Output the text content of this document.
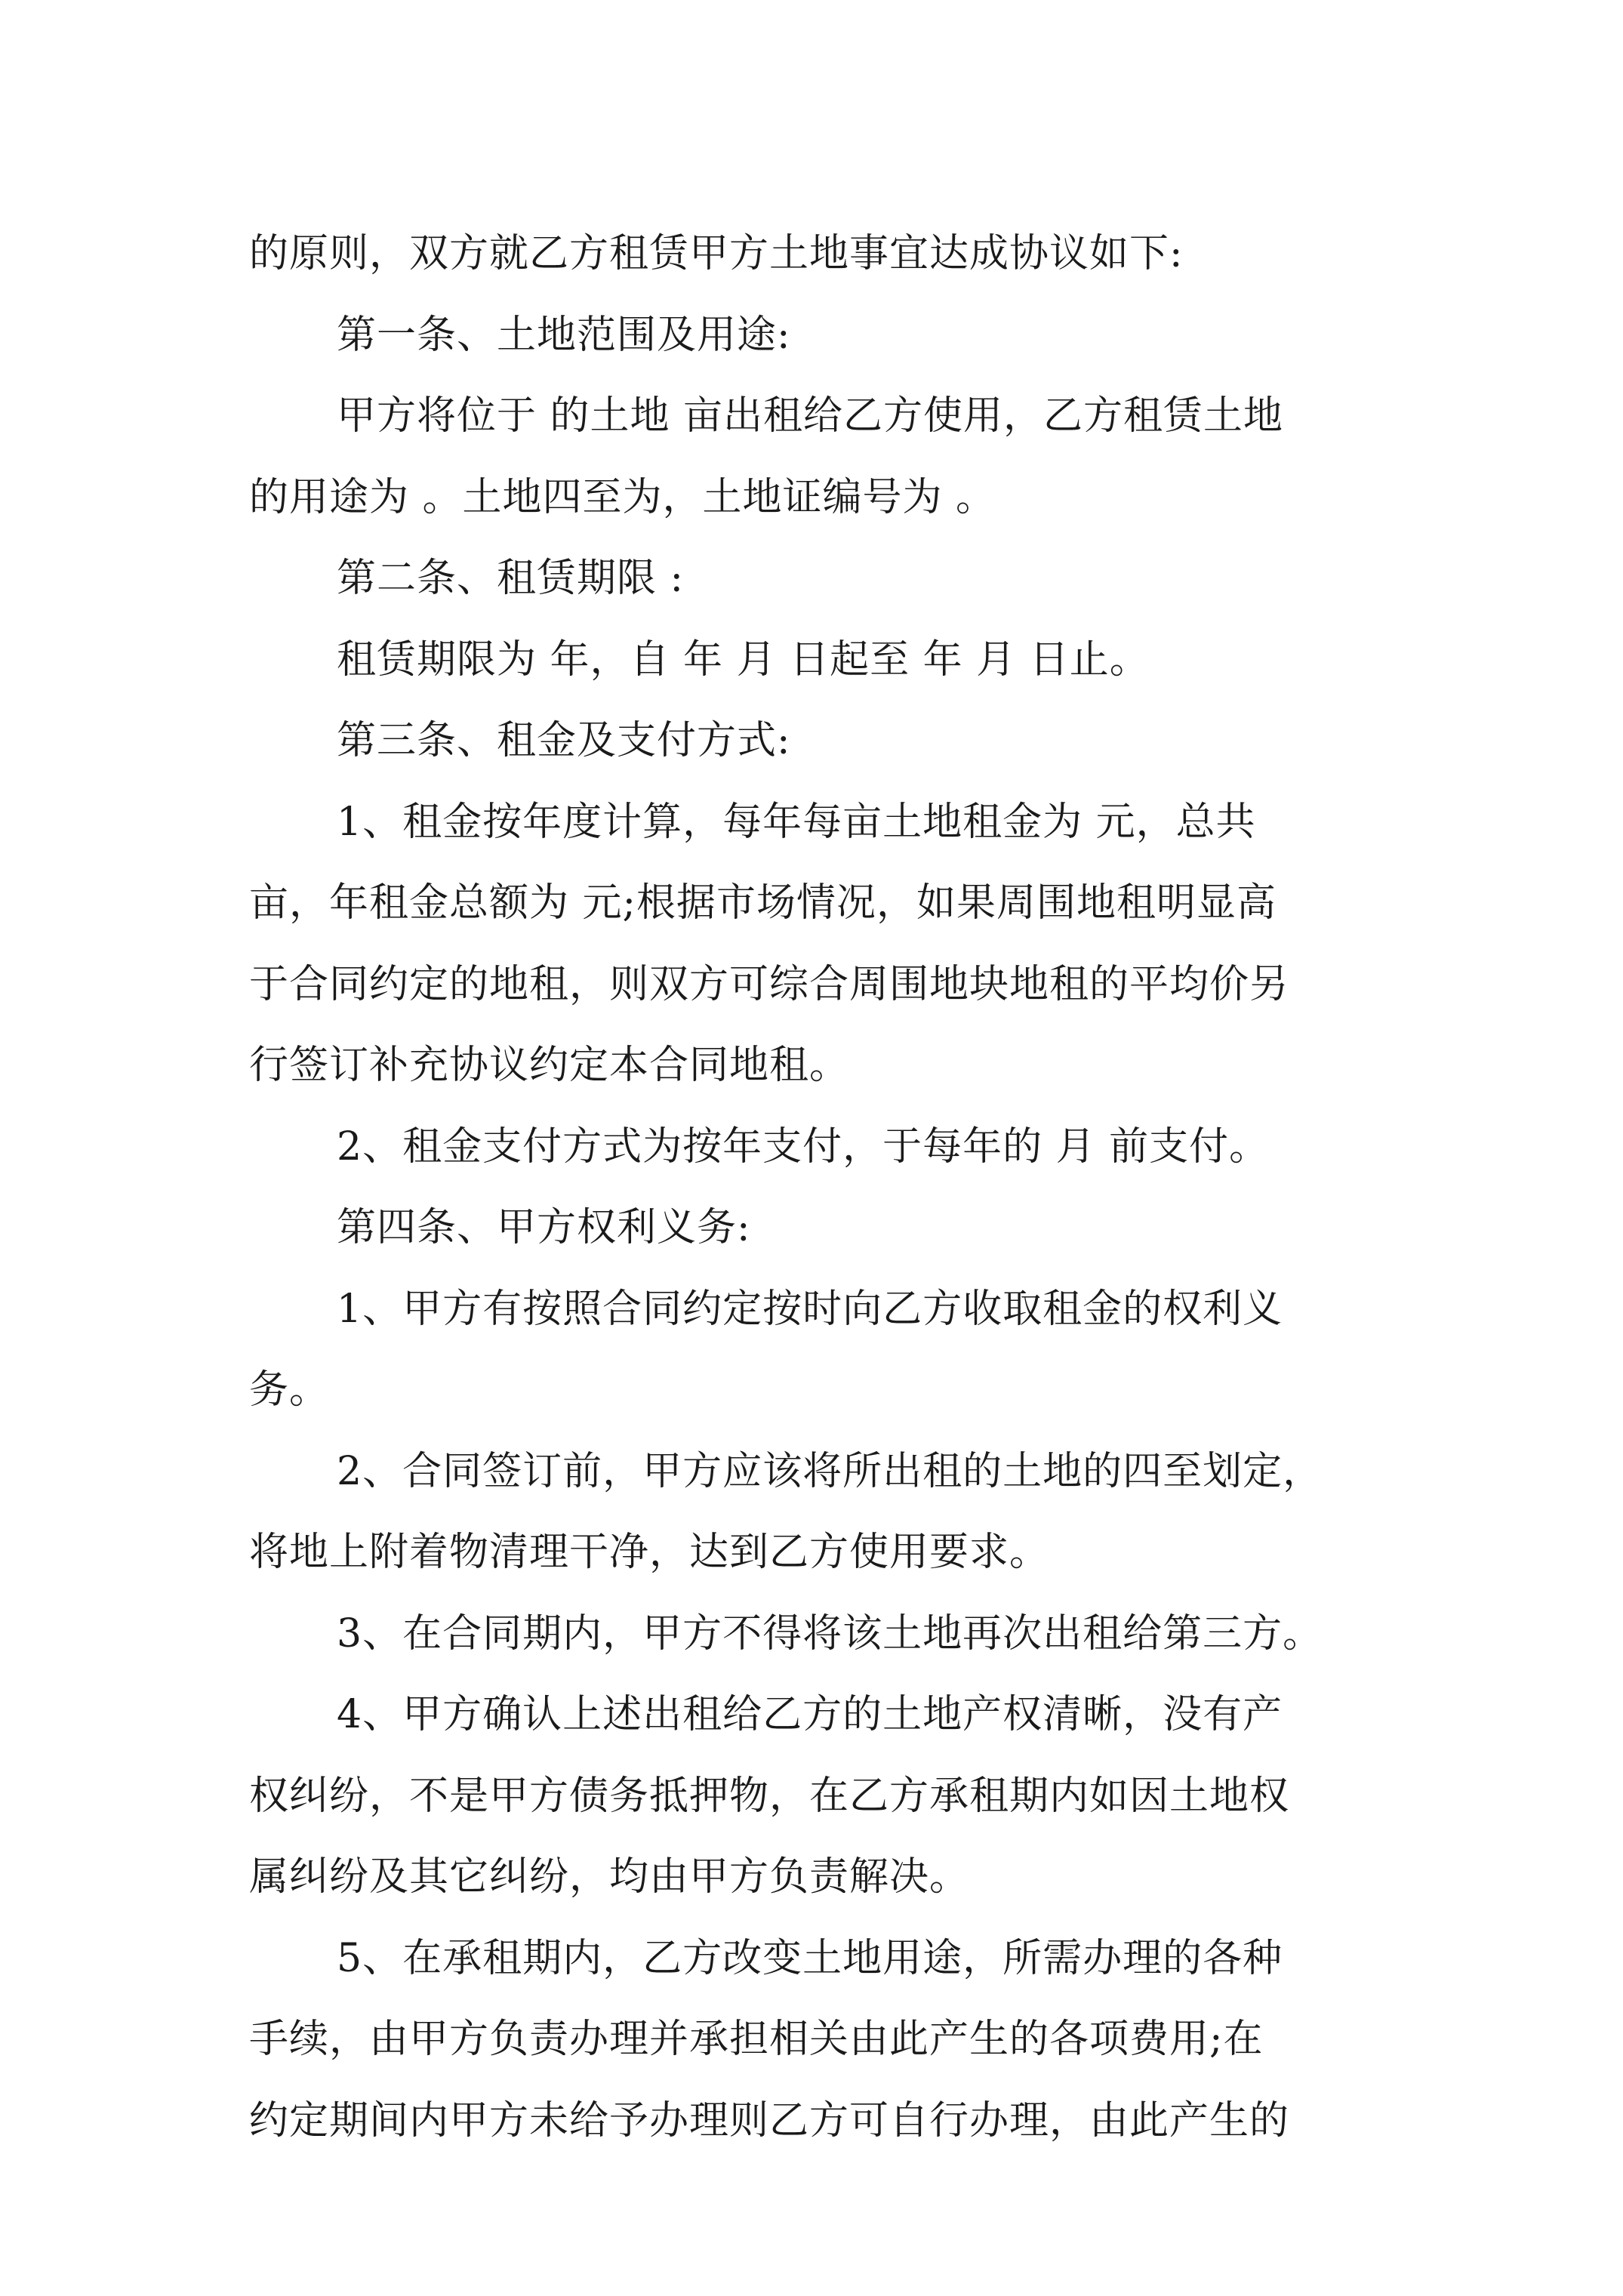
的原则，双方就乙方租赁甲方土地事宜达成协议如下:
第一条、土地范围及用途:
甲方将位于 的土地 亩出租给乙方使用，乙方租赁土地
的用途为 。土地四至为，土地证编号为 。
第二条、租赁期限 :
租赁期限为 年，自 年 月 日起至 年 月 日止。
第三条、租金及支付方式:
1、租金按年度计算，每年每亩土地租金为 元，总共
亩，年租金总额为 元;根据市场情况，如果周围地租明显高
于合同约定的地租，则双方可综合周围地块地租的平均价另
行签订补充协议约定本合同地租。
2、租金支付方式为按年支付，于每年的 月 前支付。
第四条、甲方权利义务:
1、甲方有按照合同约定按时向乙方收取租金的权利义
务。
2、合同签订前，甲方应该将所出租的土地的四至划定，
将地上附着物清理干净，达到乙方使用要求。
3、在合同期内，甲方不得将该土地再次出租给第三方。
4、甲方确认上述出租给乙方的土地产权清晰，没有产
权纠纷，不是甲方债务抵押物，在乙方承租期内如因土地权
属纠纷及其它纠纷，均由甲方负责解决。
5、在承租期内，乙方改变土地用途，所需办理的各种
手续，由甲方负责办理并承担相关由此产生的各项费用;在
约定期间内甲方未给予办理则乙方可自行办理，由此产生的
